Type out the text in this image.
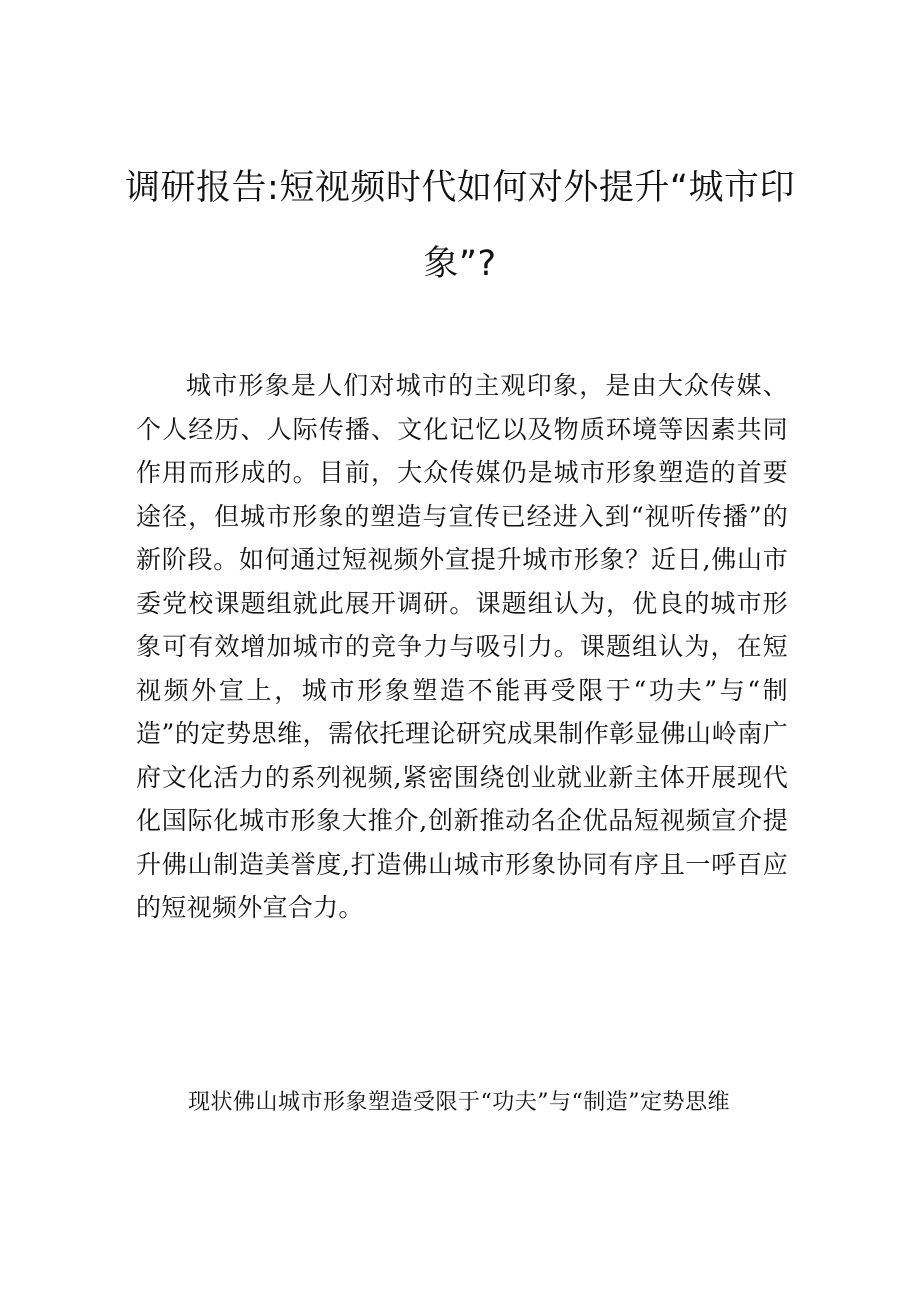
调研报告:短视频时代如何对外提升“城市印象”?

城市形象是人们对城市的主观印象，是由大众传媒、个人经历、人际传播、文化记忆以及物质环境等因素共同作用而形成的。目前，大众传媒仍是城市形象塑造的首要途径，但城市形象的塑造与宣传已经进入到“视听传播”的新阶段。如何通过短视频外宣提升城市形象？近日,佛山市委党校课题组就此展开调研。课题组认为，优良的城市形象可有效增加城市的竞争力与吸引力。课题组认为，在短视频外宣上，城市形象塑造不能再受限于“功夫”与“制造”的定势思维，需依托理论研究成果制作彰显佛山岭南广府文化活力的系列视频,紧密围绕创业就业新主体开展现代化国际化城市形象大推介,创新推动名企优品短视频宣介提升佛山制造美誉度,打造佛山城市形象协同有序且一呼百应的短视频外宣合力。

现状佛山城市形象塑造受限于“功夫”与“制造”定势思维
